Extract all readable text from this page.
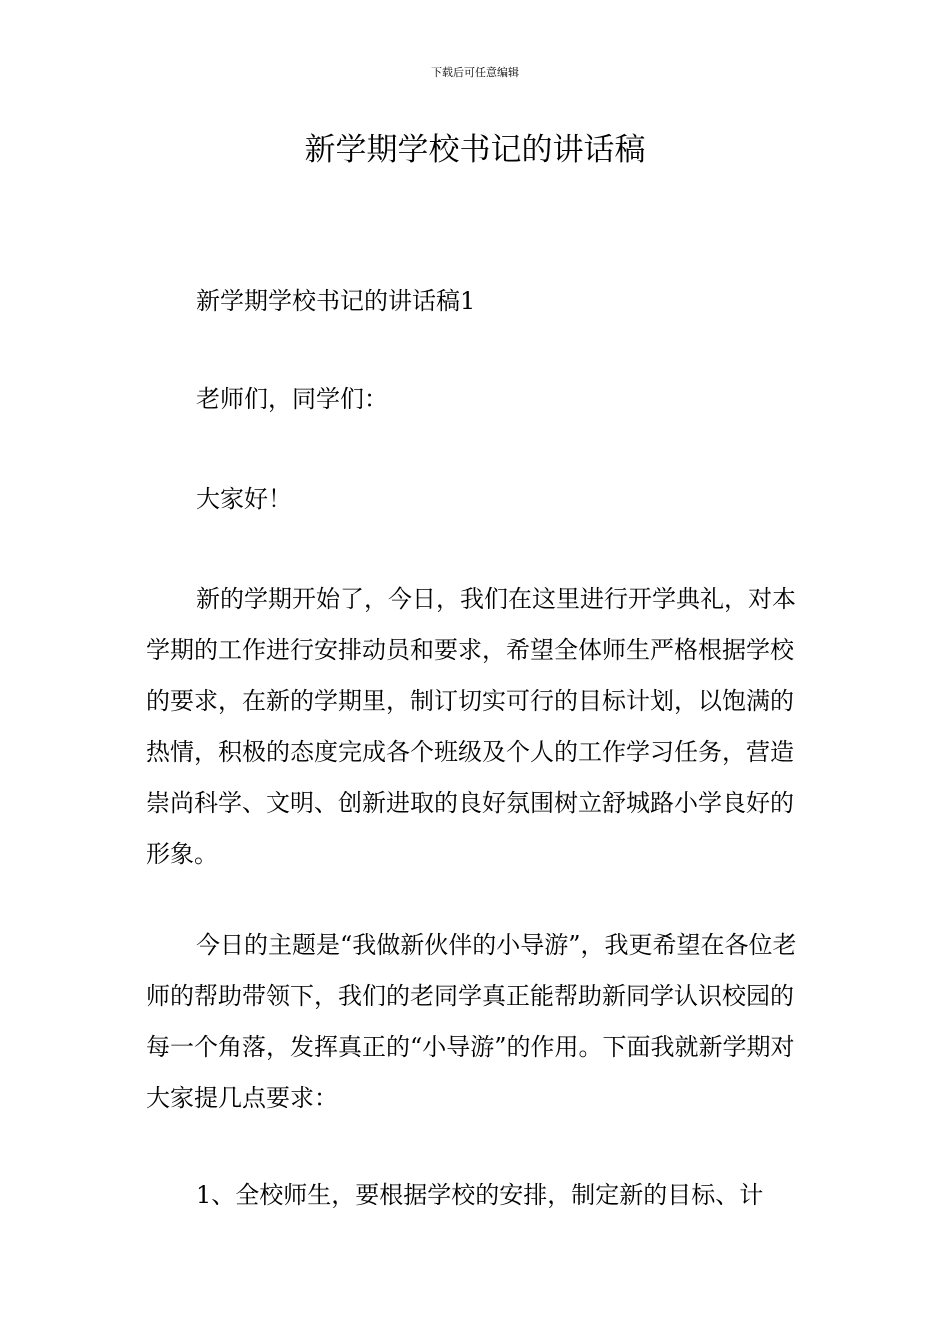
下载后可任意编辑
新学期学校书记的讲话稿

新学期学校书记的讲话稿1

老师们，同学们：

大家好！

新的学期开始了，今日，我们在这里进行开学典礼，对本学期的工作进行安排动员和要求，希望全体师生严格根据学校的要求，在新的学期里，制订切实可行的目标计划，以饱满的热情，积极的态度完成各个班级及个人的工作学习任务，营造崇尚科学、文明、创新进取的良好氛围树立舒城路小学良好的形象。

今日的主题是“我做新伙伴的小导游”，我更希望在各位老师的帮助带领下，我们的老同学真正能帮助新同学认识校园的每一个角落，发挥真正的“小导游”的作用。下面我就新学期对大家提几点要求：

1、全校师生，要根据学校的安排，制定新的目标、计
